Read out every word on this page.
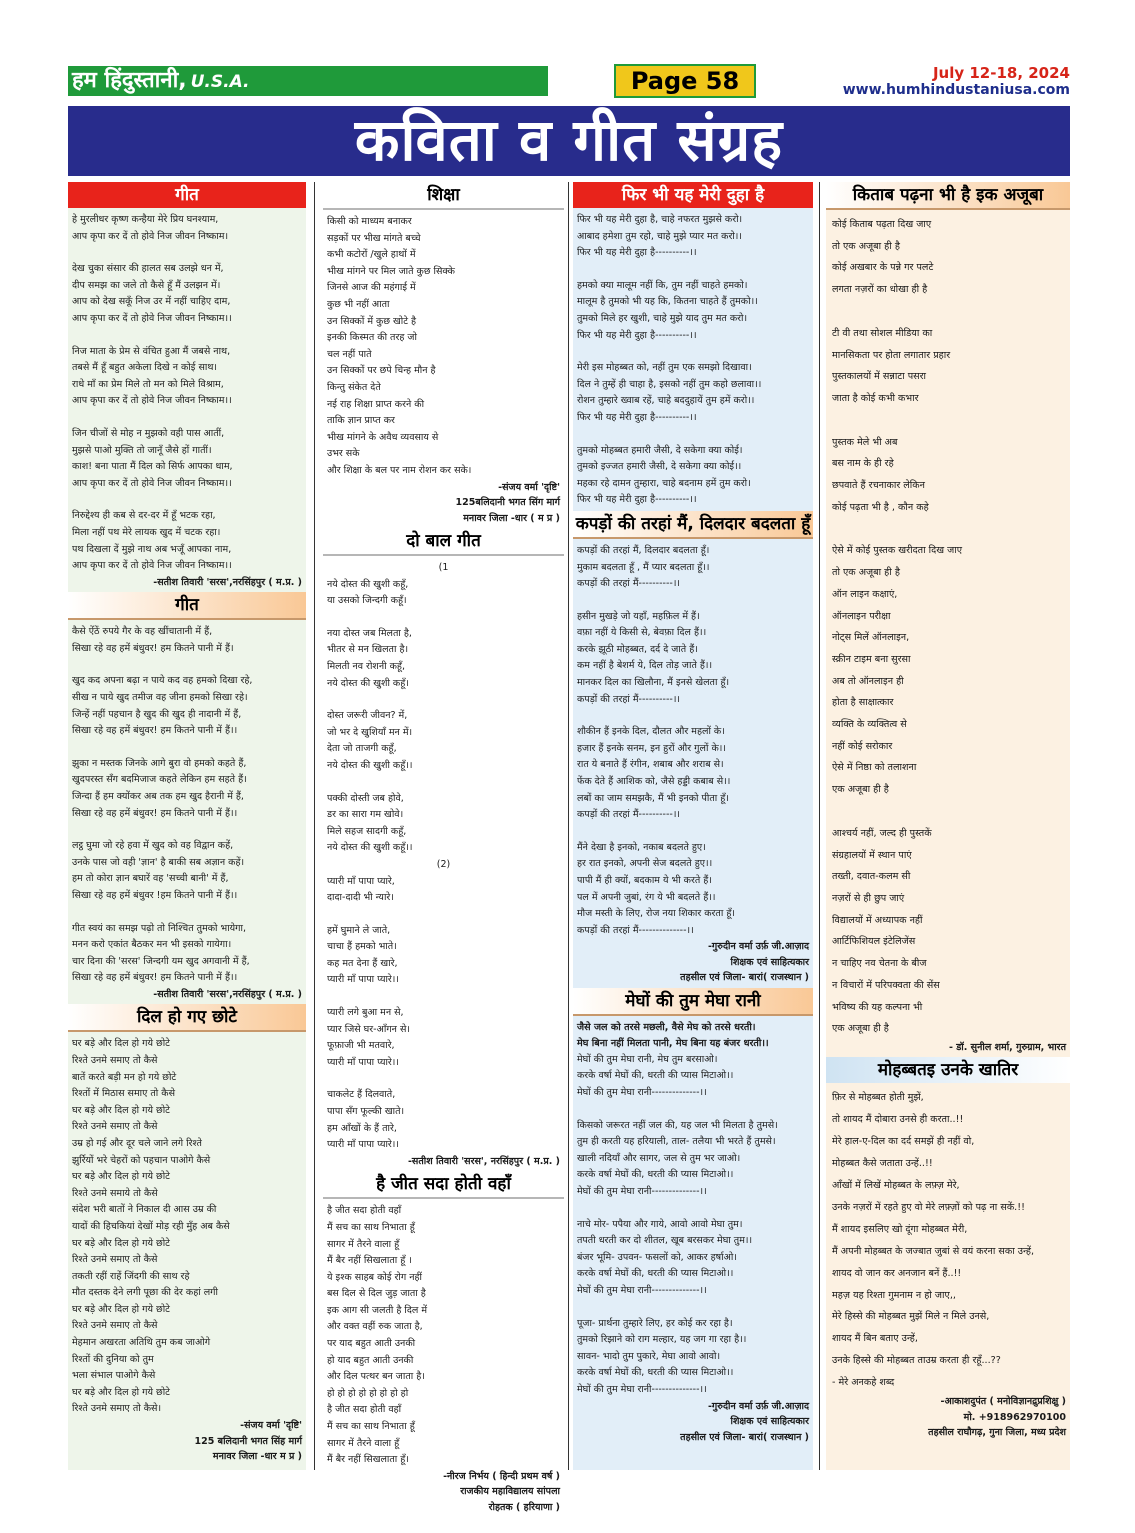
हम हिंदुस्तानी, U.S.A.	Page 58	July 12-18, 2024
www.humhindustaniusa.com
कविता व गीत संग्रह
गीत

हे मुरलीधर कृष्ण कन्हैया मेरे प्रिय घनश्याम,

आप कृपा कर दें तो होवे निज जीवन निष्काम।

देख चुका संसार की हालत सब उलझे धन में,

दीप समझ का जले तो कैसे हूँ मैं उलझन में।

आप को देख सकूँ निज उर में नहीं चाहिए दाम,

आप कृपा कर दें तो होवे निज जीवन निष्काम।।

निज माता के प्रेम से वंचित हुआ मैं जबसे नाथ,

तबसे मैं हूँ बहुत अकेला दिखे न कोई साथ।

राधे माँ का प्रेम मिले तो मन को मिले विश्राम,

आप कृपा कर दें तो होवे निज जीवन निष्काम।।

जिन चीजों से मोह न मुझको वही पास आतीं,

मुझसे पाओ मुक्ति तो जानूँ जैसे हों गातीं।

काश! बना पाता मैं दिल को सिर्फ आपका धाम,

आप कृपा कर दें तो होवे निज जीवन निष्काम।।

निरुद्देश्य ही कब से दर-दर में हूँ भटक रहा,

मिला नहीं पथ मेरे लायक खुद में चटक रहा।

पथ दिखला दें मुझे नाथ अब भजूँ आपका नाम,

आप कृपा कर दें तो होवे निज जीवन निष्काम।।

-सतीश तिवारी 'सरस',नरसिंहपुर ( म.प्र. )
गीत

कैसे ऐंठें रुपये गैर के वह खींचातानी में हैं,

सिखा रहे वह हमें बंधुवर! हम कितने पानी में हैं।

खुद कद अपना बढ़ा न पाये कद वह हमको दिखा रहे,

सीख न पाये खुद तमीज वह जीना हमको सिखा रहे।

जिन्हें नहीं पहचान है खुद की खुद ही नादानी में हैं,

सिखा रहे वह हमें बंधुवर! हम कितने पानी में हैं।।

झुका न मस्तक जिनके आगे बुरा वो हमको कहते हैं,

खुदपरस्त सँग बदमिजाज कहते लेकिन हम सहते हैं।

जिन्दा हैं हम क्योंकर अब तक हम खुद हैरानी में हैं,

सिखा रहे वह हमें बंधुवर! हम कितने पानी में हैं।।

लट्ठ घुमा जो रहे हवा में खुद को वह विद्वान कहें,

उनके पास जो वही 'ज्ञान' है बाकी सब अज्ञान कहें।

हम तो कोरा ज्ञान बघारें वह 'सच्ची बानी' में हैं,

सिखा रहे वह हमें बंधुवर !हम कितने पानी में हैं।।

गीत स्वयं का समझ पढ़ो तो निश्चित तुमको भायेगा,

मनन करो एकांत बैठकर मन भी इसको गायेगा।

चार दिना की 'सरस' जिन्दगी यम खुद अगवानी में हैं,

सिखा रहे वह हमें बंधुवर! हम कितने पानी में हैं।।

-सतीश तिवारी 'सरस',नरसिंहपुर ( म.प्र. )
दिल हो गए छोटे

घर बड़े और दिल हो गये छोटे

रिश्ते उनमे समाए तो कैसे

बातें करते बड़ी मन हो गये छोटे

रिश्तों में मिठास समाए तो कैसे

घर बड़े और दिल हो गये छोटे

रिश्ते उनमे समाए तो कैसे

उम्र हो गई और दूर चले जाने लगे रिश्ते

झुर्रियों भरे चेहरों को पहचान पाओगे कैसे

घर बड़े और दिल हो गये छोटे

रिश्ते उनमे समाये तो कैसे

संदेश भरी बातों ने निकाल दी आस उम्र की

यादों की हिचकियां देखों मोड़ रही मुँह अब कैसे

घर बड़े और दिल हो गये छोटे

रिश्ते उनमे समाए तो कैसे

तकती रहीं राहें जिंदगी की साथ रहे

मौत दस्तक देने लगी पूछा की देर कहां लगी

घर बड़े और दिल हो गये छोटे

रिश्ते उनमे समाए तो कैसे

मेहमान अखरता अतिथि तुम कब जाओगे

रिश्तों की दुनिया को तुम

भला संभाल पाओगे कैसे

घर बड़े और दिल हो गये छोटे

रिश्ते उनमे समाए तो कैसे।

-संजय वर्मा 'दृष्टि'
125 बलिदानी भगत सिंह मार्ग
मनावर जिला -धार म प्र )
शिक्षा

किसी को माध्यम बनाकर

सड़कों पर भीख मांगते बच्चे

कभी कटोरों /खुले हाथों में

भीख मांगने पर मिल जाते कुछ सिक्के

जिनसे आज की महंगाई में

कुछ भी नहीं आता

उन सिक्कों में कुछ खोटे है

इनकी किस्मत की तरह जो

चल नहीं पाते

उन सिक्कों पर छपे चिन्ह मौन है

किन्तु संकेत देते

नई राह शिक्षा प्राप्त करने की

ताकि ज्ञान प्राप्त कर

भीख मांगने के अवैध व्यवसाय से

उभर सके

और शिक्षा के बल पर नाम रोशन कर सके।

-संजय वर्मा 'दृष्टि'
125बलिदानी भगत सिंग मार्ग
मनावर जिला -धार ( म प्र )
दो बाल गीत

(1

नये दोस्त की खुशी कहूँ,

या उसको जिन्दगी कहूँ।

नया दोस्त जब मिलता है,

भीतर से मन खिलता है।

मिलती नव रोशनी कहूँ,

नये दोस्त की खुशी कहूँ।

दोस्त जरूरी जीवन? में,

जो भर दे खुशियाँ मन में।

देता जो ताजगी कहूँ,

नये दोस्त की खुशी कहूँ।।

पक्की दोस्ती जब होवे,

डर का सारा गम खोवे।

मिले सहज सादगी कहूँ,

नये दोस्त की खुशी कहूँ।।

(2)

प्यारी माँ पापा प्यारे,

दादा-दादी भी न्यारे।

हमें घुमाने ले जाते,

चाचा हैं हमको भाते।

कह मत देना हैं खारे,

प्यारी माँ पापा प्यारे।।

प्यारी लगे बुआ मन से,

प्यार जिसे घर-आँगन से।

फूफ़ाजी भी मतवारे,

प्यारी माँ पापा प्यारे।।

चाकलेट हैं दिलवाते,

पापा सँग फूल्की खाते।

हम आँखों के हैं तारे,

प्यारी माँ पापा प्यारे।।

-सतीश तिवारी 'सरस', नरसिंहपुर ( म.प्र. )
है जीत सदा होती वहाँ

है जीत सदा होती वहाँ

मैं सच का साथ निभाता हूँ

सागर में तैरने वाला हूँ

मैं बैर नहीं सिखलाता हूँ ।

ये इश्क साहब कोई रोग नहीं

बस दिल से दिल जुड़ जाता है

इक आग सी जलती है दिल में

और वक्त वहीं रुक जाता है,

पर याद बहुत आती उनकी

हो याद बहुत आती उनकी

और दिल पत्थर बन जाता है।

हो हो हो हो हो हो हो हो

है जीत सदा होती वहाँ

मैं सच का साथ निभाता हूँ

सागर में तैरने वाला हूँ

मैं बैर नहीं सिखलाता हूँ।

-नीरज निर्भय ( हिन्दी प्रथम वर्ष )
राजकीय महाविद्यालय सांपला
रोहतक ( हरियाणा )
फिर भी यह मेरी दुहा है

फिर भी यह मेरी दुहा है, चाहे नफरत मुझसे करो।

आबाद हमेशा तुम रहो, चाहे मुझे प्यार मत करो।।

फिर भी यह मेरी दुहा है----------।।

हमको क्या मालूम नहीं कि, तुम नहीं चाहते हमको।

मालूम है तुमको भी यह कि, कितना चाहते हैं तुमको।।

तुमको मिले हर खुशी, चाहे मुझे याद तुम मत करो।

फिर भी यह मेरी दुहा है----------।।

मेरी इस मोहब्बत को, नहीं तुम एक समझो दिखावा।

दिल ने तुम्हें ही चाहा है, इसको नहीं तुम कहो छलावा।।

रोशन तुम्हारे ख्वाब रहें, चाहे बददुहायें तुम हमें करो।।

फिर भी यह मेरी दुहा है----------।।

तुमको मोहब्बत हमारी जैसी, दे सकेगा क्या कोई।

तुमको इज्जत हमारी जैसी, दे सकेगा क्या कोई।।

महका रहे दामन तुम्हारा, चाहे बदनाम हमें तुम करो।

फिर भी यह मेरी दुहा है----------।।

कपड़ों की तरहां मैं, दिलदार बदलता हूँ

कपड़ों की तरहां मैं, दिलदार बदलता हूँ।

मुकाम बदलता हूँ , मैं प्यार बदलता हूँ।।

कपड़ों की तरहां मैं----------।।

हसीन मुखड़े जो यहाँ, महफ़िल में हैं।

वफ़ा नहीं ये किसी से, बेवफ़ा दिल हैं।।

करके झूठी मोहब्बत, दर्द दे जाते हैं।

कम नहीं है बेशर्म ये, दिल तोड़ जाते हैं।।

मानकर दिल का खिलौना, मैं इनसे खेलता हूँ।

कपड़ों की तरहां मैं----------।।

शौकीन हैं इनके दिल, दौलत और महलों के।

हजार हैं इनके सनम, इन हुरों और गुलों के।।

रात ये बनाते हैं रंगीन, शबाब और शराब से।

फेंक देते हैं आशिक को, जैसे हड्डी कबाब से।।

लबों का जाम समझकै, मैं भी इनको पीता हूँ।

कपड़ों की तरहां मैं----------।।

मैंने देखा है इनको, नकाब बदलते हुए।

हर रात इनको, अपनी सेज बदलते हुए।।

पापी मैं ही क्यों, बदकाम ये भी करते हैं।

पल में अपनी जुबां, रंग ये भी बदलते हैं।।

मौज मस्ती के लिए, रोज नया शिकार करता हूँ।

कपड़ों की तरहां मैं--------------।।

-गुरुदीन वर्मा उर्फ़ जी.आज़ाद
शिक्षक एवं साहित्यकार
तहसील एवं जिला- बारां( राजस्थान )
मेघों की तुम मेघा रानी

जैसे जल को तरसे मछली, वैसे मेघ को तरसे धरती।

मेघ बिना नहीं मिलता पानी, मेघ बिना यह बंजर धरती।।

मेघों की तुम मेघा रानी, मेघ तुम बरसाओ।

करके वर्षा मेघों की, धरती की प्यास मिटाओ।।

मेघों की तुम मेघा रानी--------------।।

किसको जरूरत नहीं जल की, यह जल भी मिलता है तुमसे।

तुम ही करती यह हरियाली, ताल- तलैया भी भरते हैं तुमसे।

खाली नदियाँ और सागर, जल से तुम भर जाओ।

करके वर्षा मेघों की, धरती की प्यास मिटाओ।।

मेघों की तुम मेघा रानी--------------।।

नाचे मोर- पपैया और गाये, आवो आवो मेघा तुम।

तपती धरती कर दो शीतल, खूब बरसकर मेघा तुम।।

बंजर भूमि- उपवन- फसलों को, आकर हर्षाओ।

करके वर्षा मेघों की, धरती की प्यास मिटाओ।।

मेघों की तुम मेघा रानी--------------।।

पूजा- प्रार्थना तुम्हारे लिए, हर कोई कर रहा है।

तुमको रिझाने को राग मल्हार, यह जग गा रहा है।।

सावन- भादो तुम पुकारे, मेघा आवो आवो।

करके वर्षा मेघों की, धरती की प्यास मिटाओ।।

मेघों की तुम मेघा रानी--------------।।

-गुरुदीन वर्मा उर्फ़ जी.आज़ाद
शिक्षक एवं साहित्यकार
तहसील एवं जिला- बारां( राजस्थान )
किताब पढ़ना भी है इक अजूबा

कोई किताब पढ़ता दिख जाए

तो एक अजूबा ही है

कोई अखबार के पन्ने गर पलटे

लगता नज़रों का धोखा ही है

टी वी तथा सोशल मीडिया का

मानसिकता पर होता लगातार प्रहार

पुस्तकालयों में सन्नाटा पसरा

जाता है कोई कभी कभार

पुस्तक मेले भी अब

बस नाम के ही रहे

छपवाते हैं रचनाकार लेकिन

कोई पढ़ता भी है , कौन कहे

ऐसे में कोई पुस्तक खरीदता दिख जाए

तो एक अजूबा ही है

ऑन लाइन कक्षाएं,

ऑनलाइन परीक्षा

नोट्स मिलें ऑनलाइन,

स्क्रीन टाइम बना सुरसा

अब तो ऑनलाइन ही

होता है साक्षात्कार

व्यक्ति के व्यक्तित्व से

नहीं कोई सरोकार

ऐसे में निष्ठा को तलाशना

एक अजूबा ही है

आश्चर्य नहीं, जल्द ही पुस्तकें

संग्रहालयों में स्थान पाएं

तख्ती, दवात-कलम सी

नज़रों से ही छुप जाएं

विद्यालयों में अध्यापक नहीं

आर्टिफिशियल इंटेलिजेंस

न चाहिए नव चेतना के बीज

न विचारों में परिपक्वता की सेंस

भविष्य की यह कल्पना भी

एक अजूबा ही है

- डॉ. सुनील शर्मा, गुरुग्राम, भारत
मोहब्बतइ उनके खातिर

फ़िर से मोहब्बत होती मुझें,

तो शायद मैं दोबारा उनसे ही करता..!!

मेरे हाल-ए-दिल का दर्द समझें ही नहीं वो,

मोहब्बत कैसे जताता उन्हें..!!

आँखों में लिखें मोहब्बत के लफ़्ज़ मेरे,

उनके नज़रों में रहते हुए वो मेरे लफ़्ज़ों को पढ़ ना सकें.!!

मैं शायद इसलिए खो दूंगा मोहब्बत मेरी,

मैं अपनी मोहब्बत के जज्बात जुबां से वयं करना सका उन्हें,

शायद वो जान कर अनजान बनें हैं..!!

महज़ यह रिश्ता गुमनाम न हो जाए,,

मेरे हिस्से की मोहब्बत मुझें मिले न मिले उनसे,

शायद मैं बिन बताए उन्हें,

उनके हिस्से की मोहब्बत ताउम्र करता ही रहूँ...??

- मेरे अनकहे शब्द

-आकाशदुपंत ( मनोविज्ञानद्रुप्रशिक्षु )
मो. +918962970100
तहसील राघौगढ़, गुना जिला, मध्य प्रदेश
